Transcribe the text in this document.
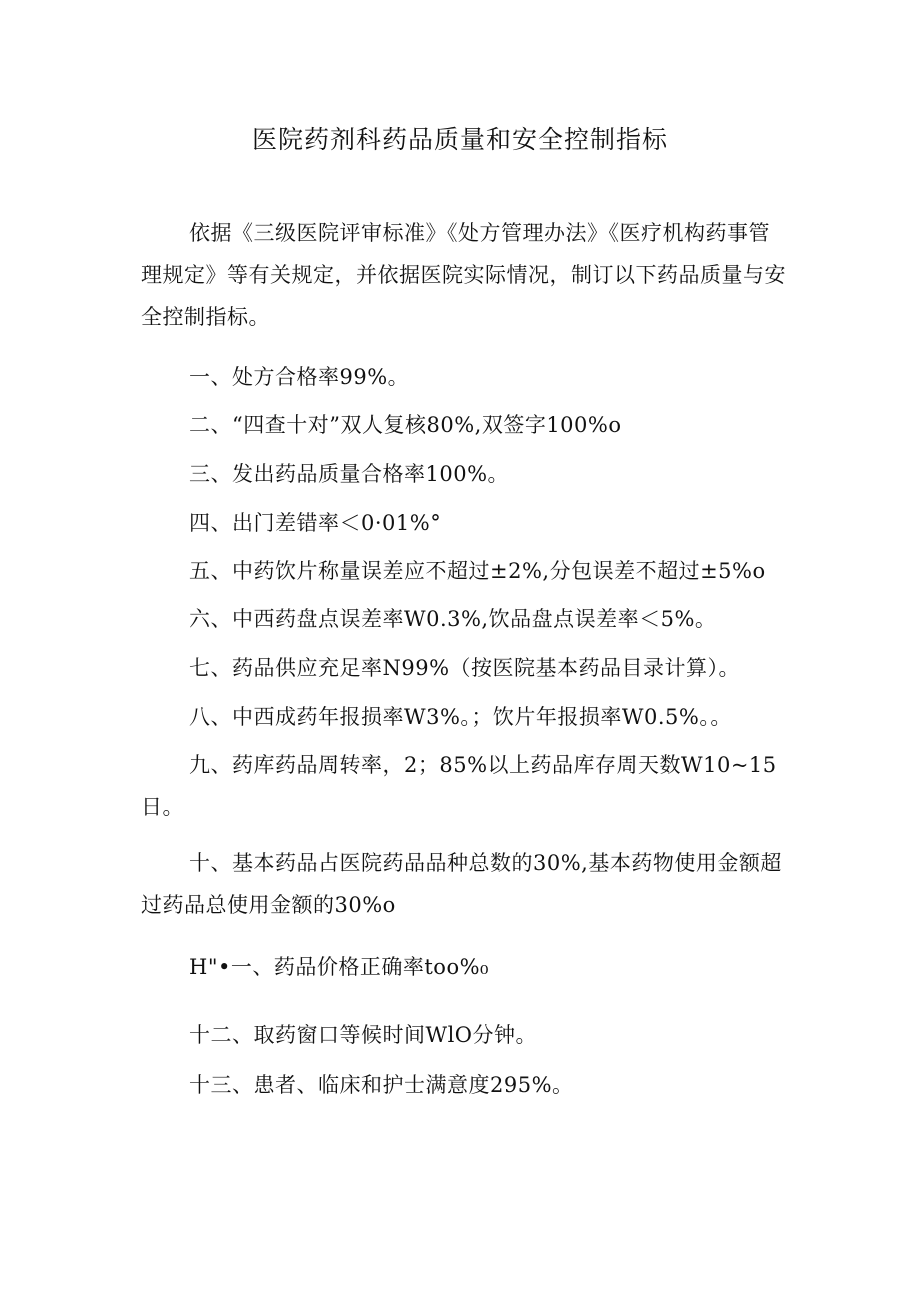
医院药剂科药品质量和安全控制指标

依据《三级医院评审标准》《处方管理办法》《医疗机构药事管理规定》等有关规定，并依据医院实际情况，制订以下药品质量与安全控制指标。

一、处方合格率99%。

二、“四查十对”双人复核80%,双签字100%o

三、发出药品质量合格率100%。

四、出门差错率＜0·01%°

五、中药饮片称量误差应不超过±2%,分包误差不超过±5%o

六、中西药盘点误差率W0.3%,饮品盘点误差率＜5%。

七、药品供应充足率N99%（按医院基本药品目录计算）。

八、中西成药年报损率W3%。；饮片年报损率W0.5%。。

九、药库药品周转率，2；85%以上药品库存周天数W10~15日。

十、基本药品占医院药品品种总数的30%,基本药物使用金额超过药品总使用金额的30%o

H"•一、药品价格正确率too%₀

十二、取药窗口等候时间WlO分钟。

十三、患者、临床和护士满意度295%。
